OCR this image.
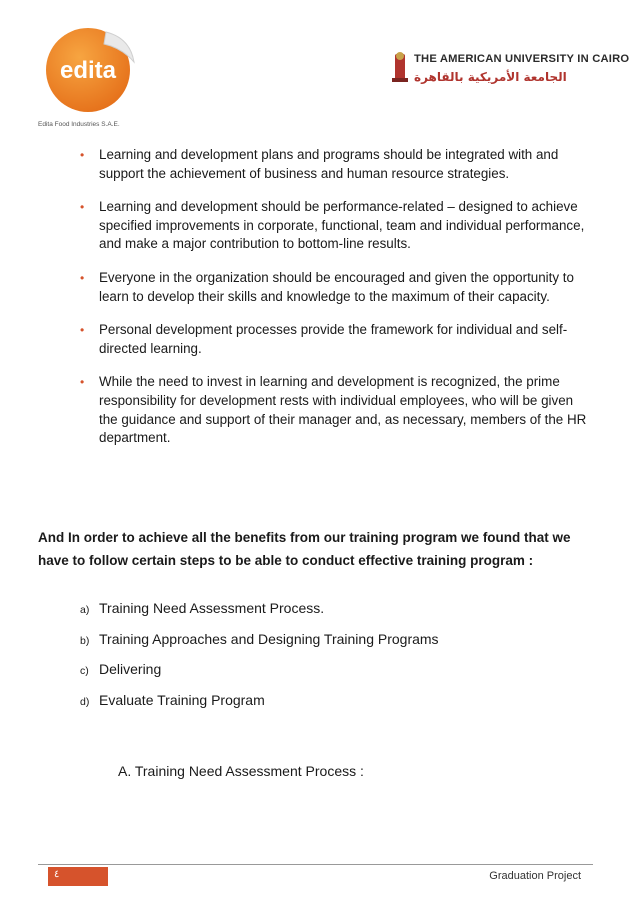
edita
Edita Food Industries S.A.E.
THE AMERICAN UNIVERSITY IN CAIRO
الجامعة الأمريكية بالقاهرة
• Learning and development plans and programs should be integrated with and support the achievement of business and human resource strategies.
• Learning and development should be performance-related – designed to achieve specified improvements in corporate, functional, team and individual performance, and make a major contribution to bottom-line results.
• Everyone in the organization should be encouraged and given the opportunity to learn to develop their skills and knowledge to the maximum of their capacity.
• Personal development processes provide the framework for individual and self-directed learning.
• While the need to invest in learning and development is recognized, the prime responsibility for development rests with individual employees, who will be given the guidance and support of their manager and, as necessary, members of the HR department.

And In order to achieve all the benefits from our training program we found that we have to follow certain steps to be able to conduct effective training program :

a) Training Need Assessment Process.
b) Training Approaches and Designing Training Programs
c) Delivering
d) Evaluate Training Program

A. Training Need Assessment Process :

٤	Graduation Project
